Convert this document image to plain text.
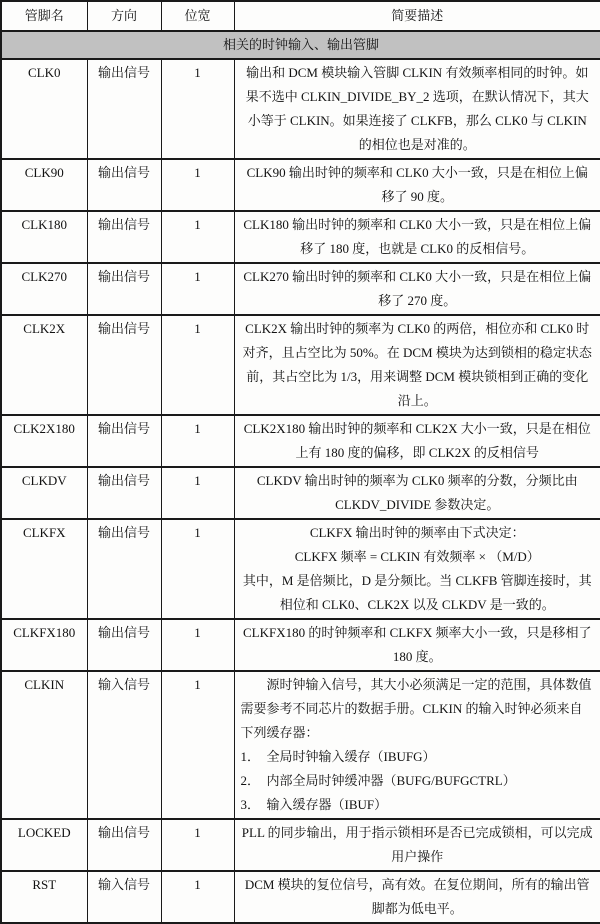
管脚名	方向	位宽	简要描述
相关的时钟输入、输出管脚			
CLK0	输出信号	1	输出和 DCM 模块输入管脚 CLKIN 有效频率相同的时钟。如果不选中 CLKIN_DIVIDE_BY_2 选项，在默认情况下，其大小等于 CLKIN。如果连接了 CLKFB，那么 CLK0 与 CLKIN 的相位也是对准的。

CLK90	输出信号	1	CLK90 输出时钟的频率和 CLK0 大小一致，只是在相位上偏移了 90 度。

CLK180	输出信号	1	CLK180 输出时钟的频率和 CLK0 大小一致，只是在相位上偏移了 180 度，也就是 CLK0 的反相信号。

CLK270	输出信号	1	CLK270 输出时钟的频率和 CLK0 大小一致，只是在相位上偏移了 270 度。

CLK2X	输出信号	1	CLK2X 输出时钟的频率为 CLK0 的两倍，相位亦和 CLK0 时对齐，且占空比为 50%。在 DCM 模块为达到锁相的稳定状态前，其占空比为 1/3，用来调整 DCM 模块锁相到正确的变化沿上。

CLK2X180	输出信号	1	CLK2X180 输出时钟的频率和 CLK2X 大小一致，只是在相位上有 180 度的偏移，即 CLK2X 的反相信号

CLKDV	输出信号	1	CLKDV 输出时钟的频率为 CLK0 频率的分数，分频比由 CLKDV_DIVIDE 参数决定。

CLKFX	输出信号	1	CLKFX 输出时钟的频率由下式决定：

CLKFX 频率 = CLKIN 有效频率 × （M/D）

其中，M 是倍频比，D 是分频比。当 CLKFB 管脚连接时，其相位和 CLK0、CLK2X 以及 CLKDV 是一致的。

CLKFX180	输出信号	1	CLKFX180 的时钟频率和 CLKFX 频率大小一致，只是移相了 180 度。

CLKIN	输入信号	1	源时钟输入信号，其大小必须满足一定的范围，具体数值需要参考不同芯片的数据手册。CLKIN 的输入时钟必须来自下列缓存器：

1．  全局时钟输入缓存（IBUFG）

2．  内部全局时钟缓冲器（BUFG/BUFGCTRL）

3．  输入缓存器（IBUF）

LOCKED	输出信号	1	PLL 的同步输出，用于指示锁相环是否已完成锁相，可以完成用户操作

RST	输入信号	1	DCM 模块的复位信号，高有效。在复位期间，所有的输出管脚都为低电平。
